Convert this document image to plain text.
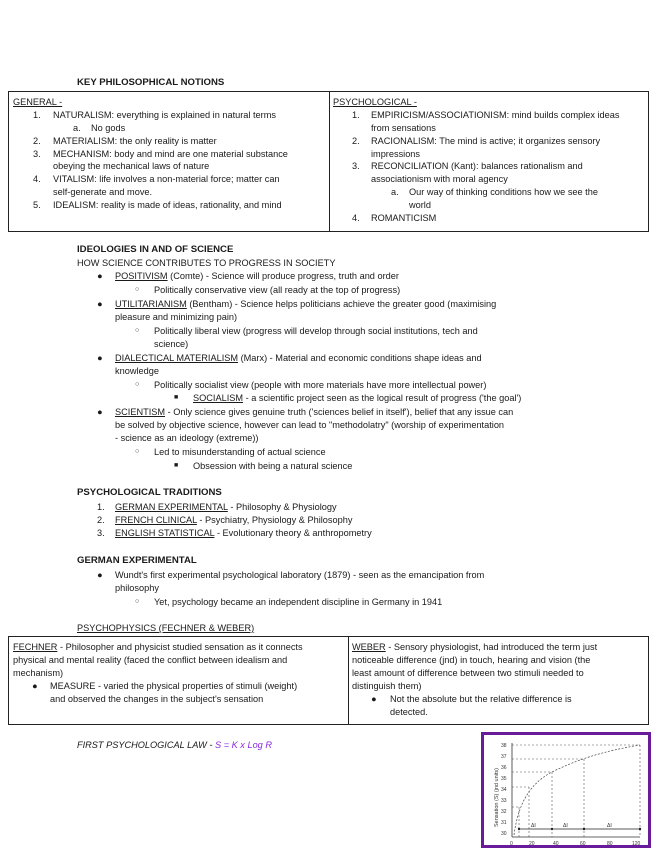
KEY PHILOSOPHICAL NOTIONS
GENERAL -
1. NATURALISM: everything is explained in natural terms
a. No gods
2. MATERIALISM: the only reality is matter
3. MECHANISM: body and mind are one material substance
obeying the mechanical laws of nature
4. VITALISM: life involves a non-material force; matter can
self-generate and move.
5. IDEALISM: reality is made of ideas, rationality, and mind
PSYCHOLOGICAL -
1. EMPIRICISM/ASSOCIATIONISM: mind builds complex ideas
from sensations
2. RACIONALISM: The mind is active; it organizes sensory
impressions
3. RECONCILIATION (Kant): balances rationalism and
associationism with moral agency
a. Our way of thinking conditions how we see the
world
4. ROMANTICISM
IDEOLOGIES IN AND OF SCIENCE
HOW SCIENCE CONTRIBUTES TO PROGRESS IN SOCIETY
● POSITIVISM (Comte) - Science will produce progress, truth and order
○ Politically conservative view (all ready at the top of progress)
● UTILITARIANISM (Bentham) - Science helps politicians achieve the greater good (maximising
pleasure and minimizing pain)
○ Politically liberal view (progress will develop through social institutions, tech and
science)
● DIALECTICAL MATERIALISM (Marx) - Material and economic conditions shape ideas and
knowledge
○ Politically socialist view (people with more materials have more intellectual power)
■ SOCIALISM - a scientific project seen as the logical result of progress ('the goal')
● SCIENTISM - Only science gives genuine truth ('sciences belief in itself'), belief that any issue can
be solved by objective science, however can lead to "methodolatry" (worship of experimentation
- science as an ideology (extreme))
○ Led to misunderstanding of actual science
■ Obsession with being a natural science
PSYCHOLOGICAL TRADITIONS
1. GERMAN EXPERIMENTAL - Philosophy & Physiology
2. FRENCH CLINICAL - Psychiatry, Physiology & Philosophy
3. ENGLISH STATISTICAL - Evolutionary theory & anthropometry
GERMAN EXPERIMENTAL
● Wundt's first experimental psychological laboratory (1879) - seen as the emancipation from
philosophy
○ Yet, psychology became an independent discipline in Germany in 1941
PSYCHOPHYSICS (FECHNER & WEBER)
FECHNER - Philosopher and physicist studied sensation as it connects
physical and mental reality (faced the conflict between idealism and
mechanism)
● MEASURE - varied the physical properties of stimuli (weight)
and observed the changes in the subject's sensation
WEBER - Sensory physiologist, had introduced the term just
noticeable difference (jnd) in touch, hearing and vision (the
least amount of difference between two stimuli needed to
distinguish them)
● Not the absolute but the relative difference is
detected.
FIRST PSYCHOLOGICAL LAW - S = K x Log R
Sensation (S) (jnd units)
38
37
36
35
34
33
32
31
30
0	20	40	60	80	120
ΔI	ΔI	ΔI
